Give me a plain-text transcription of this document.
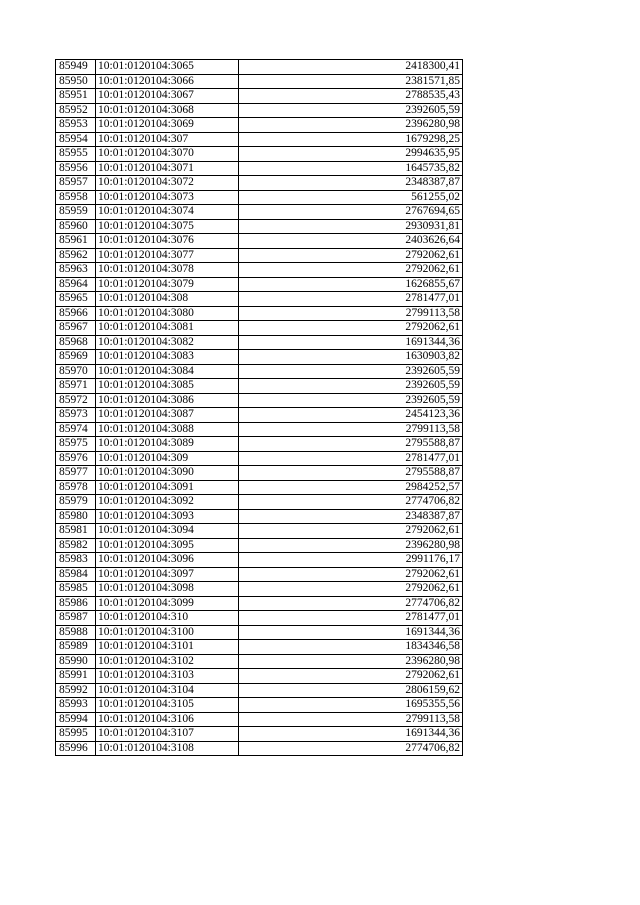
85949	10:01:0120104:3065	2418300,41
85950	10:01:0120104:3066	2381571,85
85951	10:01:0120104:3067	2788535,43
85952	10:01:0120104:3068	2392605,59
85953	10:01:0120104:3069	2396280,98
85954	10:01:0120104:307	1679298,25
85955	10:01:0120104:3070	2994635,95
85956	10:01:0120104:3071	1645735,82
85957	10:01:0120104:3072	2348387,87
85958	10:01:0120104:3073	561255,02
85959	10:01:0120104:3074	2767694,65
85960	10:01:0120104:3075	2930931,81
85961	10:01:0120104:3076	2403626,64
85962	10:01:0120104:3077	2792062,61
85963	10:01:0120104:3078	2792062,61
85964	10:01:0120104:3079	1626855,67
85965	10:01:0120104:308	2781477,01
85966	10:01:0120104:3080	2799113,58
85967	10:01:0120104:3081	2792062,61
85968	10:01:0120104:3082	1691344,36
85969	10:01:0120104:3083	1630903,82
85970	10:01:0120104:3084	2392605,59
85971	10:01:0120104:3085	2392605,59
85972	10:01:0120104:3086	2392605,59
85973	10:01:0120104:3087	2454123,36
85974	10:01:0120104:3088	2799113,58
85975	10:01:0120104:3089	2795588,87
85976	10:01:0120104:309	2781477,01
85977	10:01:0120104:3090	2795588,87
85978	10:01:0120104:3091	2984252,57
85979	10:01:0120104:3092	2774706,82
85980	10:01:0120104:3093	2348387,87
85981	10:01:0120104:3094	2792062,61
85982	10:01:0120104:3095	2396280,98
85983	10:01:0120104:3096	2991176,17
85984	10:01:0120104:3097	2792062,61
85985	10:01:0120104:3098	2792062,61
85986	10:01:0120104:3099	2774706,82
85987	10:01:0120104:310	2781477,01
85988	10:01:0120104:3100	1691344,36
85989	10:01:0120104:3101	1834346,58
85990	10:01:0120104:3102	2396280,98
85991	10:01:0120104:3103	2792062,61
85992	10:01:0120104:3104	2806159,62
85993	10:01:0120104:3105	1695355,56
85994	10:01:0120104:3106	2799113,58
85995	10:01:0120104:3107	1691344,36
85996	10:01:0120104:3108	2774706,82
